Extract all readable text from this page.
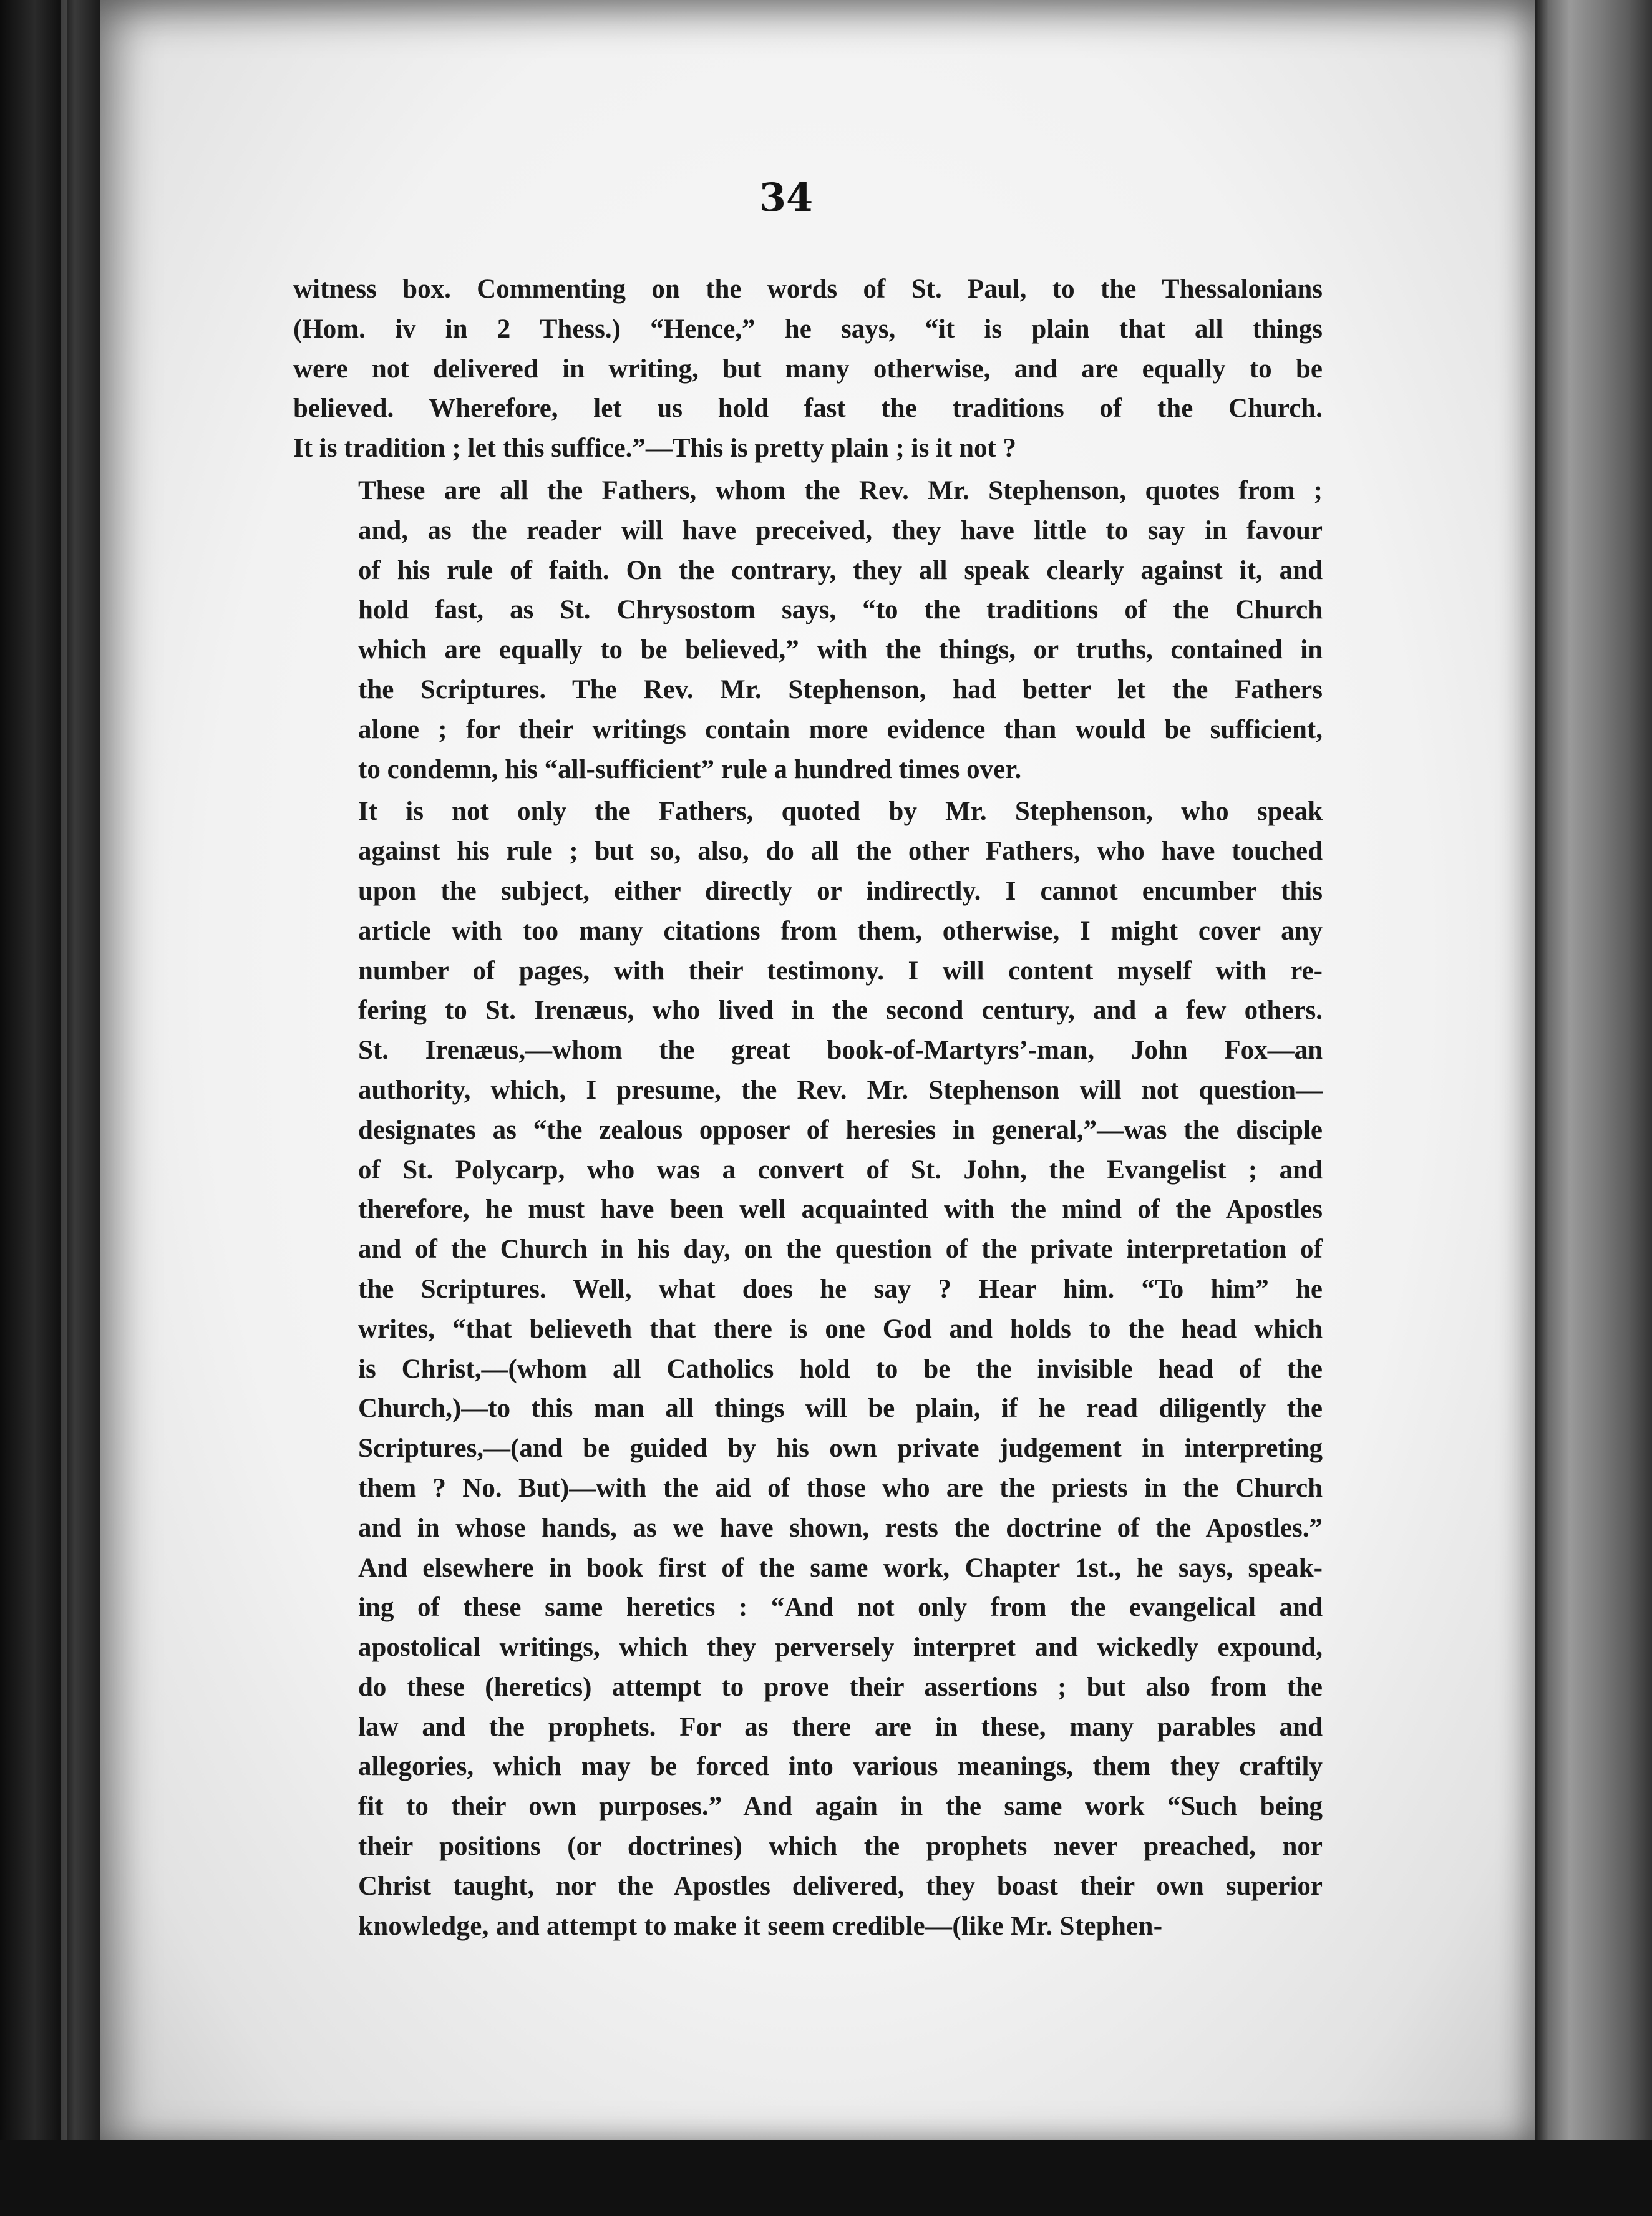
34
witness box. Commenting on the words of St. Paul, to the Thessalonians
(Hom. iv in 2 Thess.) “Hence,” he says, “it is plain that all things
were not delivered in writing, but many otherwise, and are equally to be
believed. Wherefore, let us hold fast the traditions of the Church.
It is tradition ; let this suffice.”—This is pretty plain ; is it not ?
These are all the Fathers, whom the Rev. Mr. Stephenson, quotes from ;
and, as the reader will have preceived, they have little to say in favour
of his rule of faith. On the contrary, they all speak clearly against it, and
hold fast, as St. Chrysostom says, “to the traditions of the Church
which are equally to be believed,” with the things, or truths, contained in
the Scriptures. The Rev. Mr. Stephenson, had better let the Fathers
alone ; for their writings contain more evidence than would be sufficient,
to condemn, his “all-sufficient” rule a hundred times over.
It is not only the Fathers, quoted by Mr. Stephenson, who speak
against his rule ; but so, also, do all the other Fathers, who have touched
upon the subject, either directly or indirectly. I cannot encumber this
article with too many citations from them, otherwise, I might cover any
number of pages, with their testimony. I will content myself with re-
fering to St. Irenæus, who lived in the second century, and a few others.
St. Irenæus,—whom the great book-of-Martyrs’-man, John Fox—an
authority, which, I presume, the Rev. Mr. Stephenson will not question—
designates as “the zealous opposer of heresies in general,”—was the disciple
of St. Polycarp, who was a convert of St. John, the Evangelist ; and
therefore, he must have been well acquainted with the mind of the Apostles
and of the Church in his day, on the question of the private interpretation of
the Scriptures. Well, what does he say ? Hear him. “To him” he
writes, “that believeth that there is one God and holds to the head which
is Christ,—(whom all Catholics hold to be the invisible head of the
Church,)—to this man all things will be plain, if he read diligently the
Scriptures,—(and be guided by his own private judgement in interpreting
them ? No. But)—with the aid of those who are the priests in the Church
and in whose hands, as we have shown, rests the doctrine of the Apostles.”
And elsewhere in book first of the same work, Chapter 1st., he says, speak-
ing of these same heretics : “And not only from the evangelical and
apostolical writings, which they perversely interpret and wickedly expound,
do these (heretics) attempt to prove their assertions ; but also from the
law and the prophets. For as there are in these, many parables and
allegories, which may be forced into various meanings, them they craftily
fit to their own purposes.” And again in the same work “Such being
their positions (or doctrines) which the prophets never preached, nor
Christ taught, nor the Apostles delivered, they boast their own superior
knowledge, and attempt to make it seem credible—(like Mr. Stephen-
